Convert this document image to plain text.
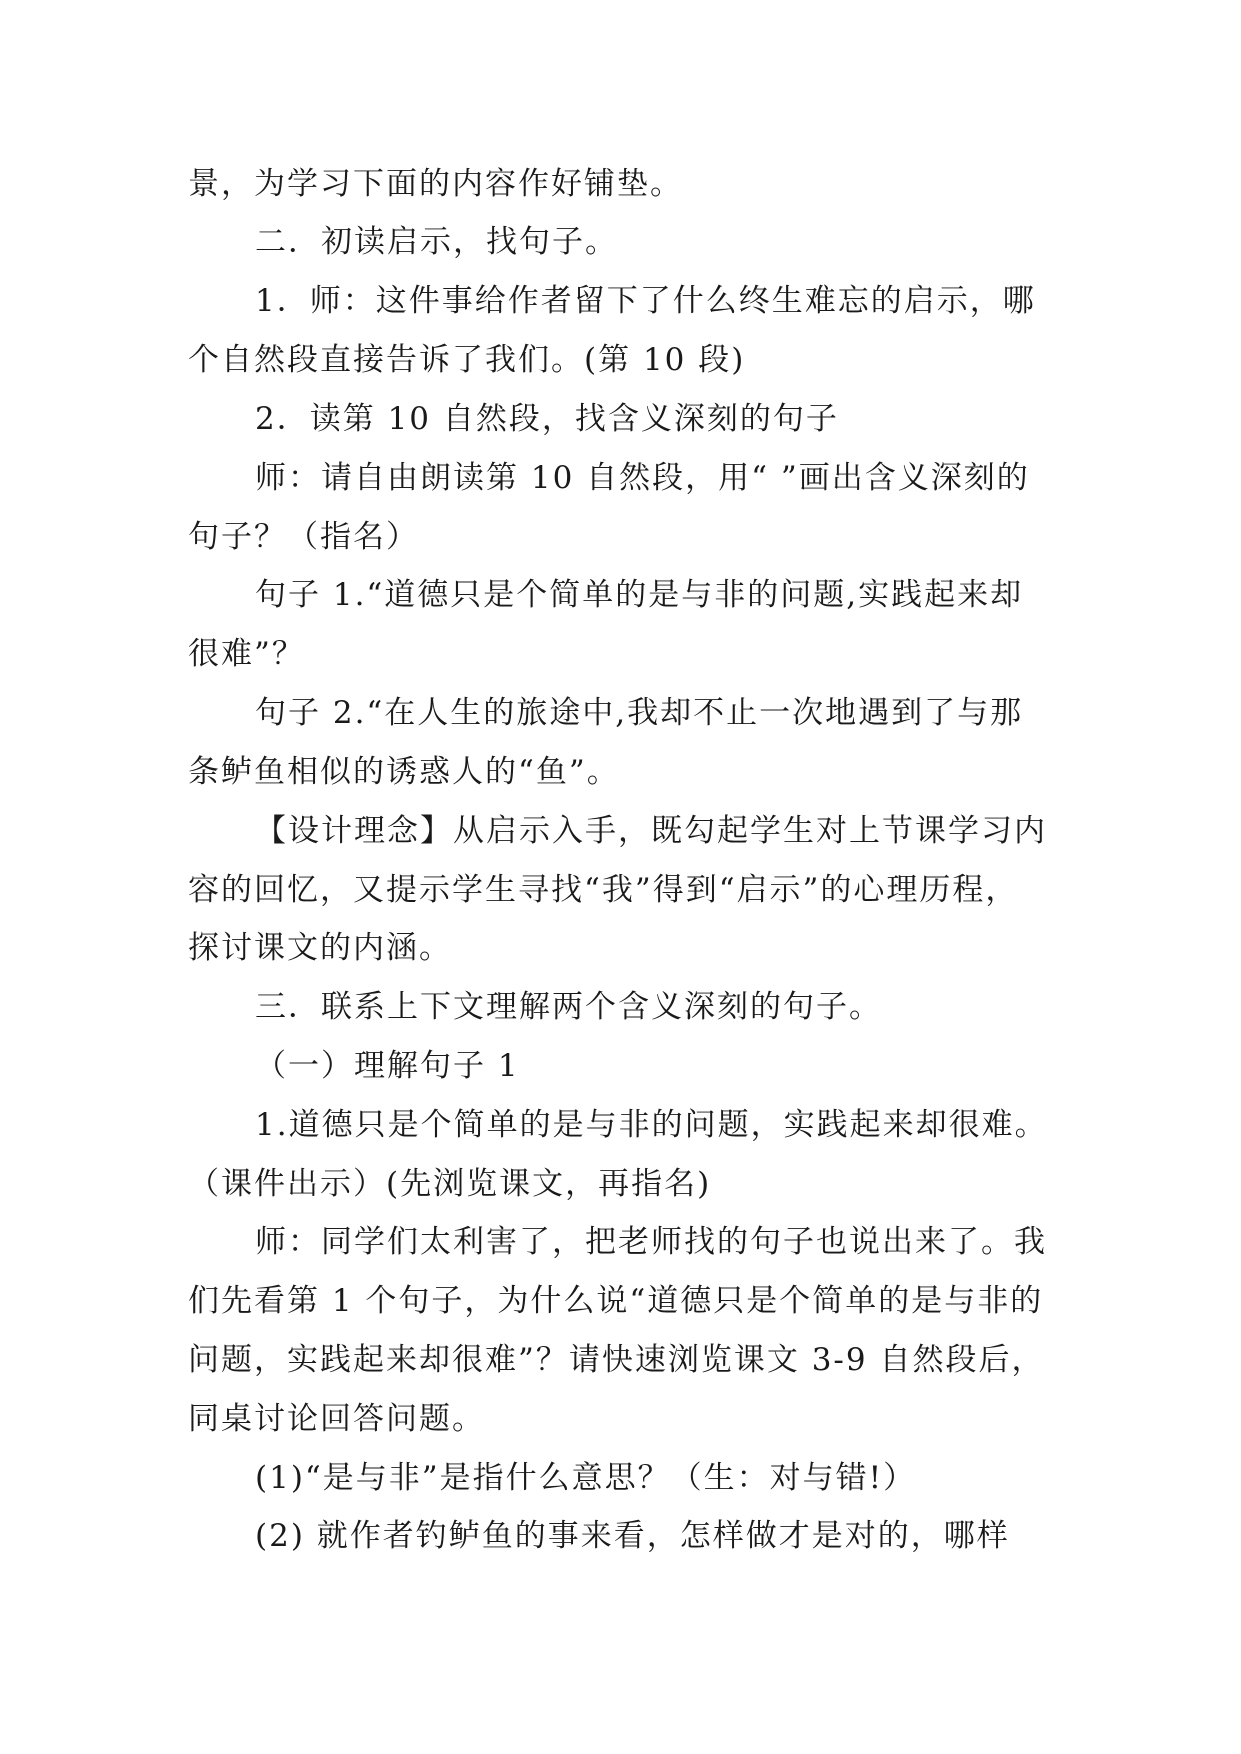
景，为学习下面的内容作好铺垫。
二．初读启示，找句子。
1．师：这件事给作者留下了什么终生难忘的启示，哪
个自然段直接告诉了我们。(第 10 段)
2．读第 10 自然段，找含义深刻的句子
师：请自由朗读第 10 自然段，用“ ”画出含义深刻的
句子？（指名）
句子 1.“道德只是个简单的是与非的问题,实践起来却
很难”？
句子 2.“在人生的旅途中,我却不止一次地遇到了与那
条鲈鱼相似的诱惑人的“鱼”。
【设计理念】从启示入手，既勾起学生对上节课学习内
容的回忆，又提示学生寻找“我”得到“启示”的心理历程，
探讨课文的内涵。
三．联系上下文理解两个含义深刻的句子。
（一）理解句子 1
1.道德只是个简单的是与非的问题，实践起来却很难。
（课件出示）(先浏览课文，再指名)
师：同学们太利害了，把老师找的句子也说出来了。我
们先看第 1 个句子，为什么说“道德只是个简单的是与非的
问题，实践起来却很难”？请快速浏览课文 3-9 自然段后，
同桌讨论回答问题。
(1)“是与非”是指什么意思？（生：对与错!）
(2) 就作者钓鲈鱼的事来看，怎样做才是对的，哪样
